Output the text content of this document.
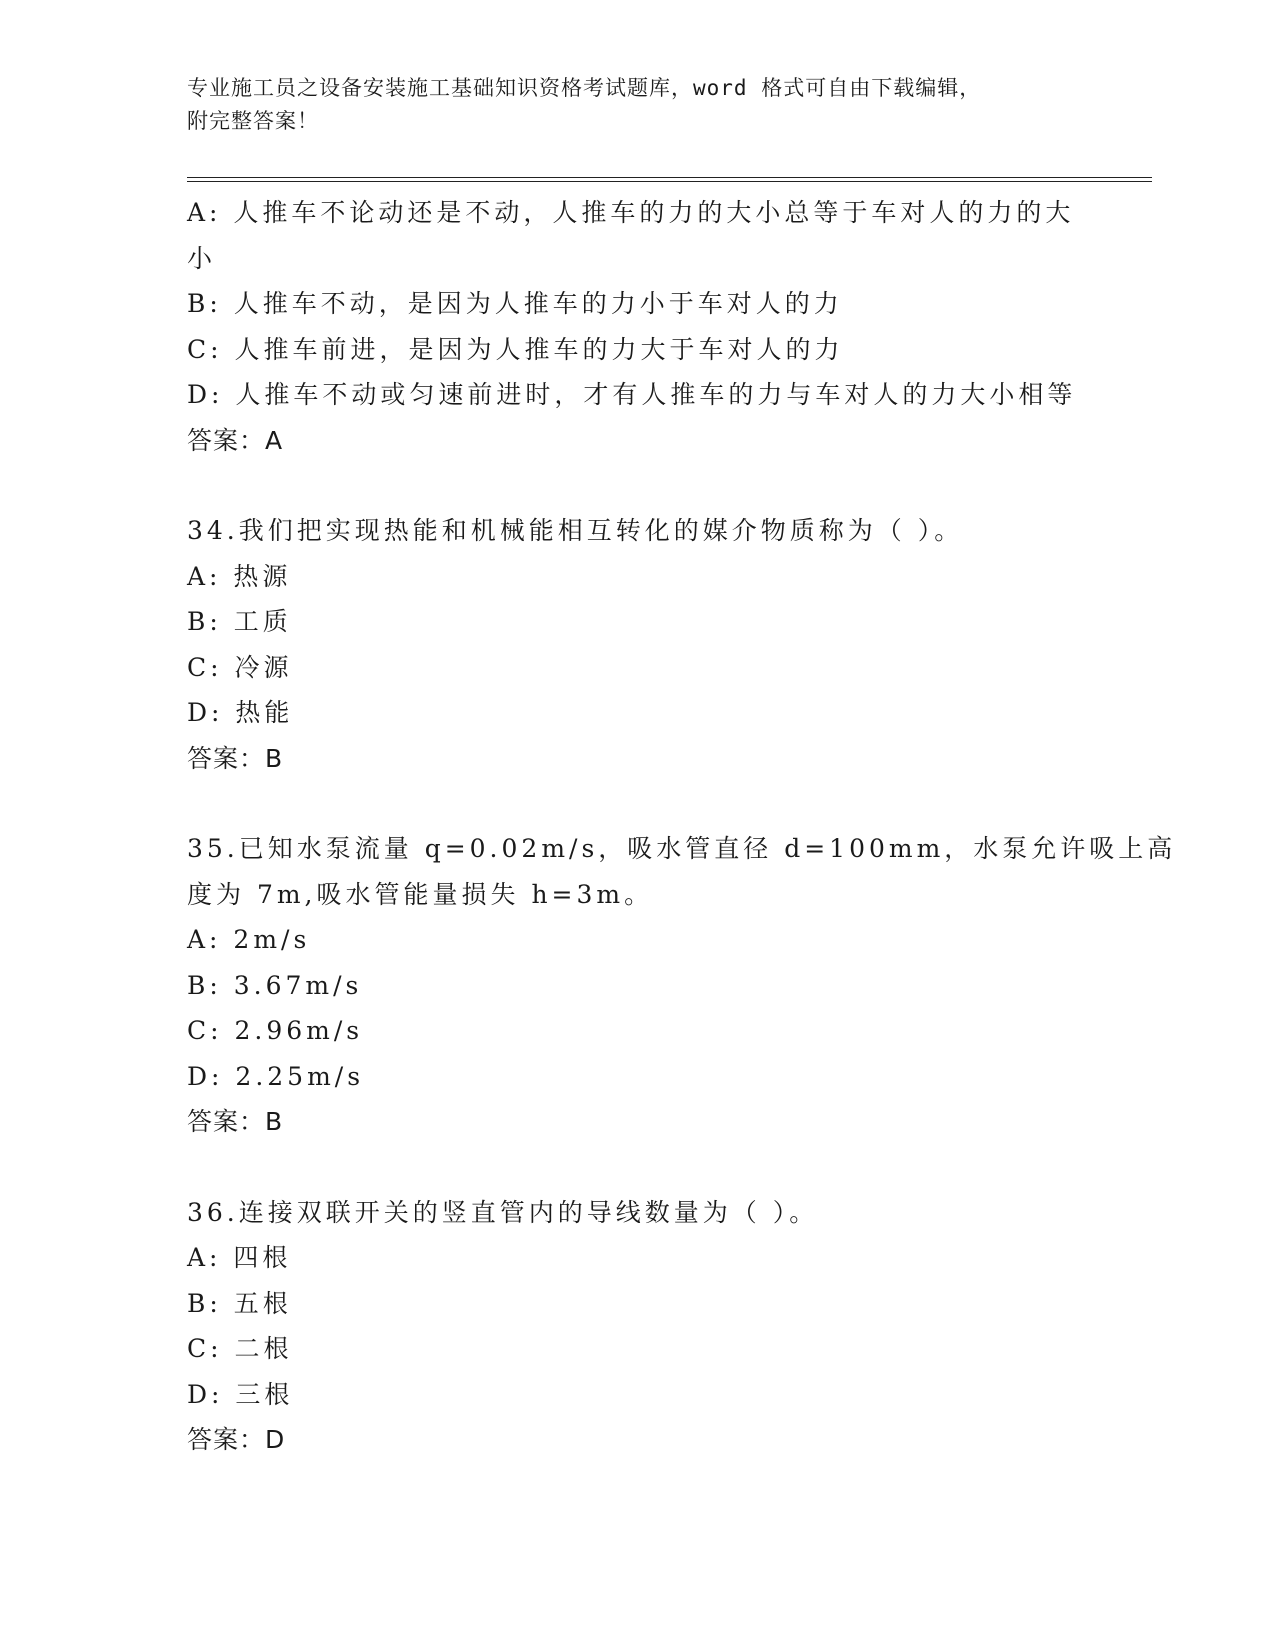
专业施工员之设备安装施工基础知识资格考试题库，word 格式可自由下载编辑，
附完整答案！
A: 人推车不论动还是不动，人推车的力的大小总等于车对人的力的大
小
B: 人推车不动，是因为人推车的力小于车对人的力
C: 人推车前进，是因为人推车的力大于车对人的力
D: 人推车不动或匀速前进时，才有人推车的力与车对人的力大小相等
答案：A
34.我们把实现热能和机械能相互转化的媒介物质称为（ ）。
A: 热源
B: 工质
C: 冷源
D: 热能
答案：B
35.已知水泵流量 q=0.02m/s，吸水管直径 d=100mm，水泵允许吸上高
度为 7m,吸水管能量损失 h=3m。
A: 2m/s
B: 3.67m/s
C: 2.96m/s
D: 2.25m/s
答案：B
36.连接双联开关的竖直管内的导线数量为（ ）。
A: 四根
B: 五根
C: 二根
D: 三根
答案：D
